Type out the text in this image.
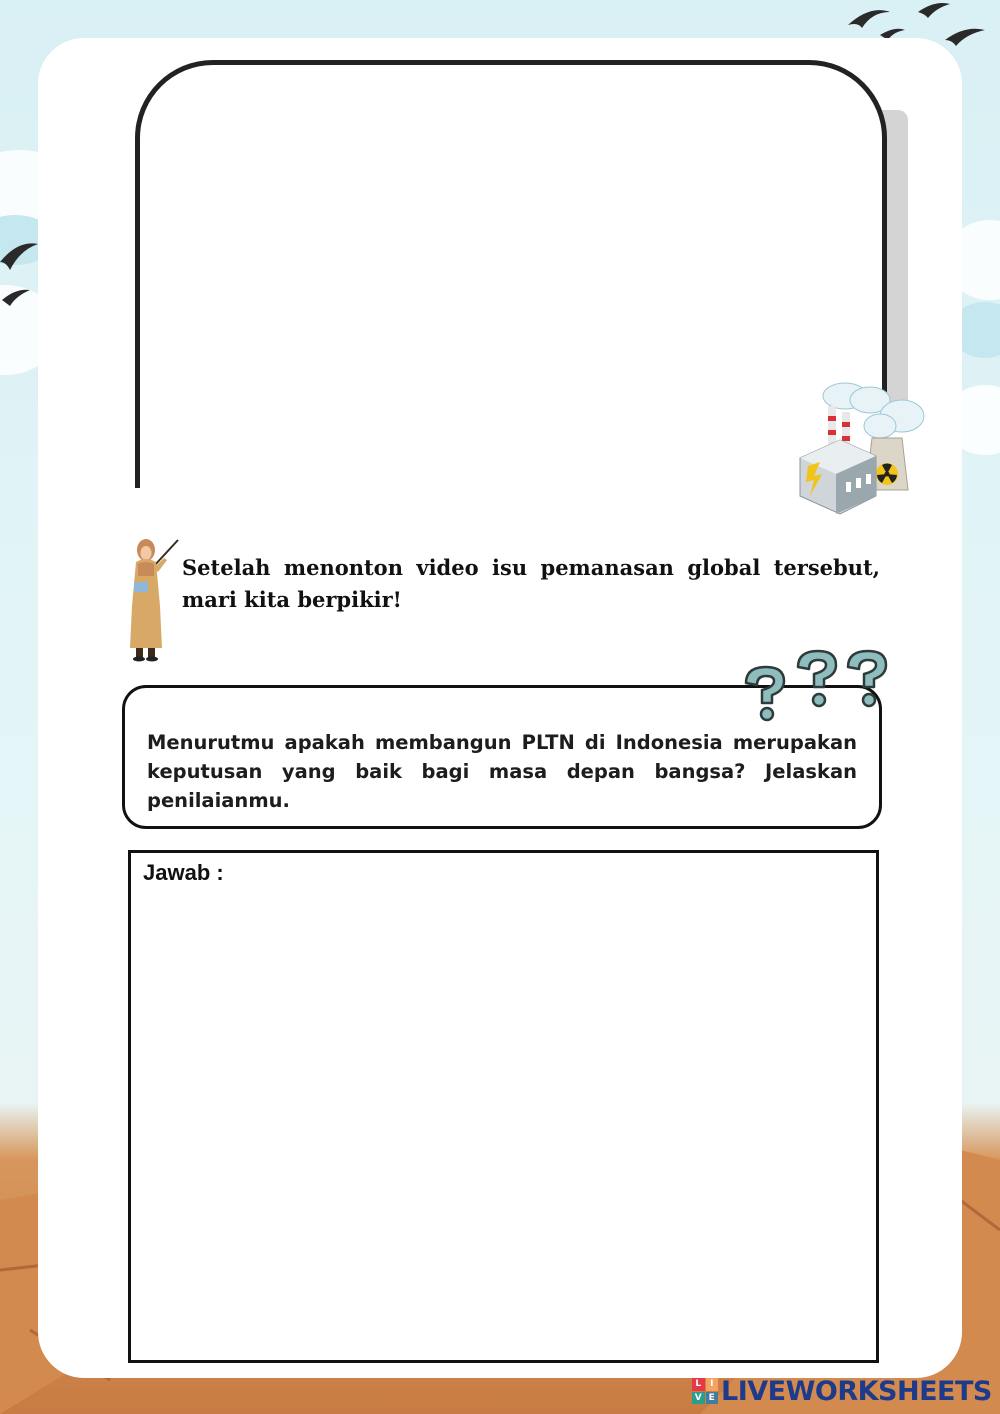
Setelah menonton video isu pemanasan global tersebut, mari kita berpikir!

Menurutmu apakah membangun PLTN di Indonesia merupakan keputusan yang baik bagi masa depan bangsa? Jelaskan penilaianmu.

Jawab :
L I
V E LIVEWORKSHEETS
